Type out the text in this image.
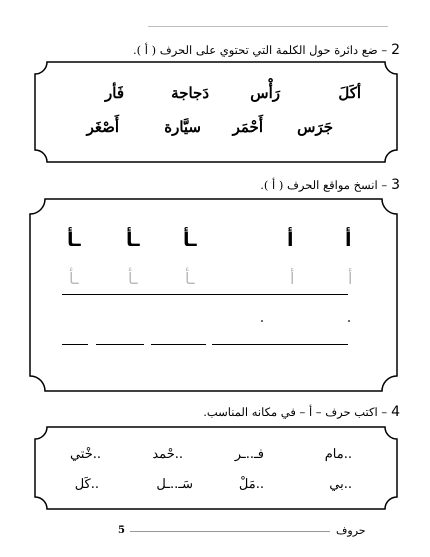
2– ضع دائرة حول الكلمة التي تحتوي على الحرف ( أ ).
أكَلَ
رَأْس
دَجاجة
فَأر
جَرَس
أَحْمَر
سيَّارة
أَصْغَر
3– انسخ مواقع الحرف ( أ ).
أ
أ
ـأ
ـأ
ـأ
أ
أ
ـأ
ـأ
ـأ
4– اكتب حرف – أ – في مكانه المناسب.
..مام
فـ..ـر
..حْمد
..خْتي
..بي
..مَلْ
سَـ..ـل
..كَل
حروف
5
